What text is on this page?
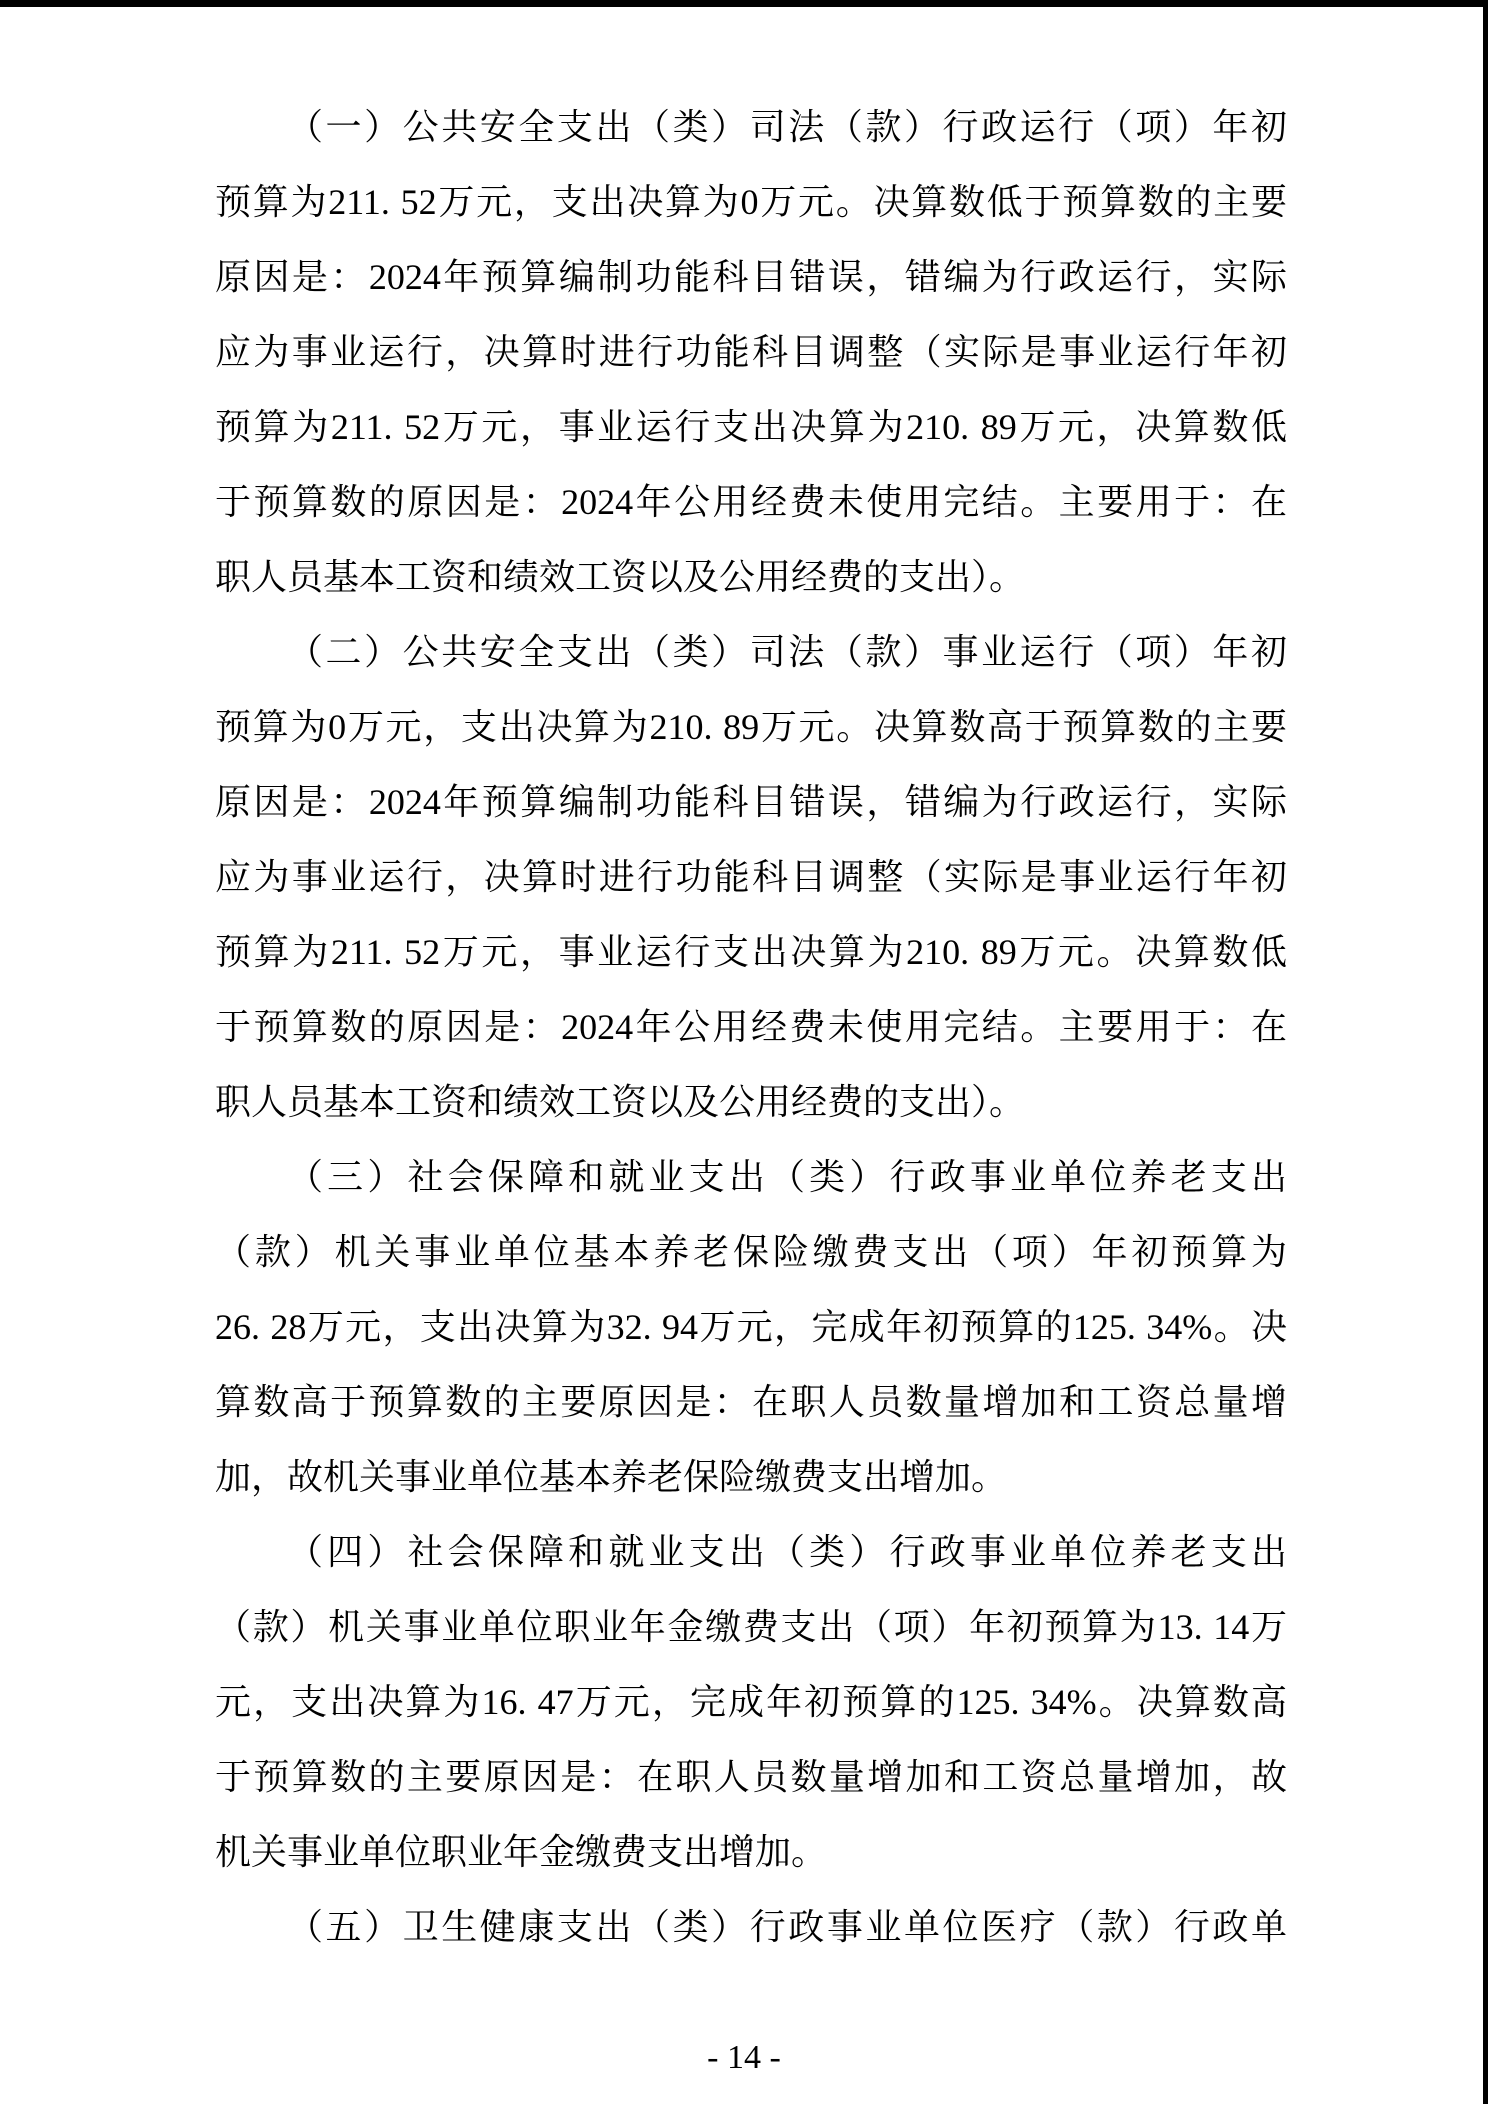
（一）公共安全支出（类）司法（款）行政运行（项）年初
预算为211. 52万元，支出决算为0万元。决算数低于预算数的主要
原因是：2024年预算编制功能科目错误，错编为行政运行，实际
应为事业运行，决算时进行功能科目调整（实际是事业运行年初
预算为211. 52万元，事业运行支出决算为210. 89万元，决算数低
于预算数的原因是：2024年公用经费未使用完结。主要用于：在
职人员基本工资和绩效工资以及公用经费的支出）。
（二）公共安全支出（类）司法（款）事业运行（项）年初
预算为0万元，支出决算为210. 89万元。决算数高于预算数的主要
原因是：2024年预算编制功能科目错误，错编为行政运行，实际
应为事业运行，决算时进行功能科目调整（实际是事业运行年初
预算为211. 52万元，事业运行支出决算为210. 89万元。决算数低
于预算数的原因是：2024年公用经费未使用完结。主要用于：在
职人员基本工资和绩效工资以及公用经费的支出）。
（三）社会保障和就业支出（类）行政事业单位养老支出
（款）机关事业单位基本养老保险缴费支出（项）年初预算为
26. 28万元，支出决算为32. 94万元，完成年初预算的125. 34%。决
算数高于预算数的主要原因是：在职人员数量增加和工资总量增
加，故机关事业单位基本养老保险缴费支出增加。
（四）社会保障和就业支出（类）行政事业单位养老支出
（款）机关事业单位职业年金缴费支出（项）年初预算为13. 14万
元，支出决算为16. 47万元，完成年初预算的125. 34%。决算数高
于预算数的主要原因是：在职人员数量增加和工资总量增加，故
机关事业单位职业年金缴费支出增加。
（五）卫生健康支出（类）行政事业单位医疗（款）行政单
- 14 -
